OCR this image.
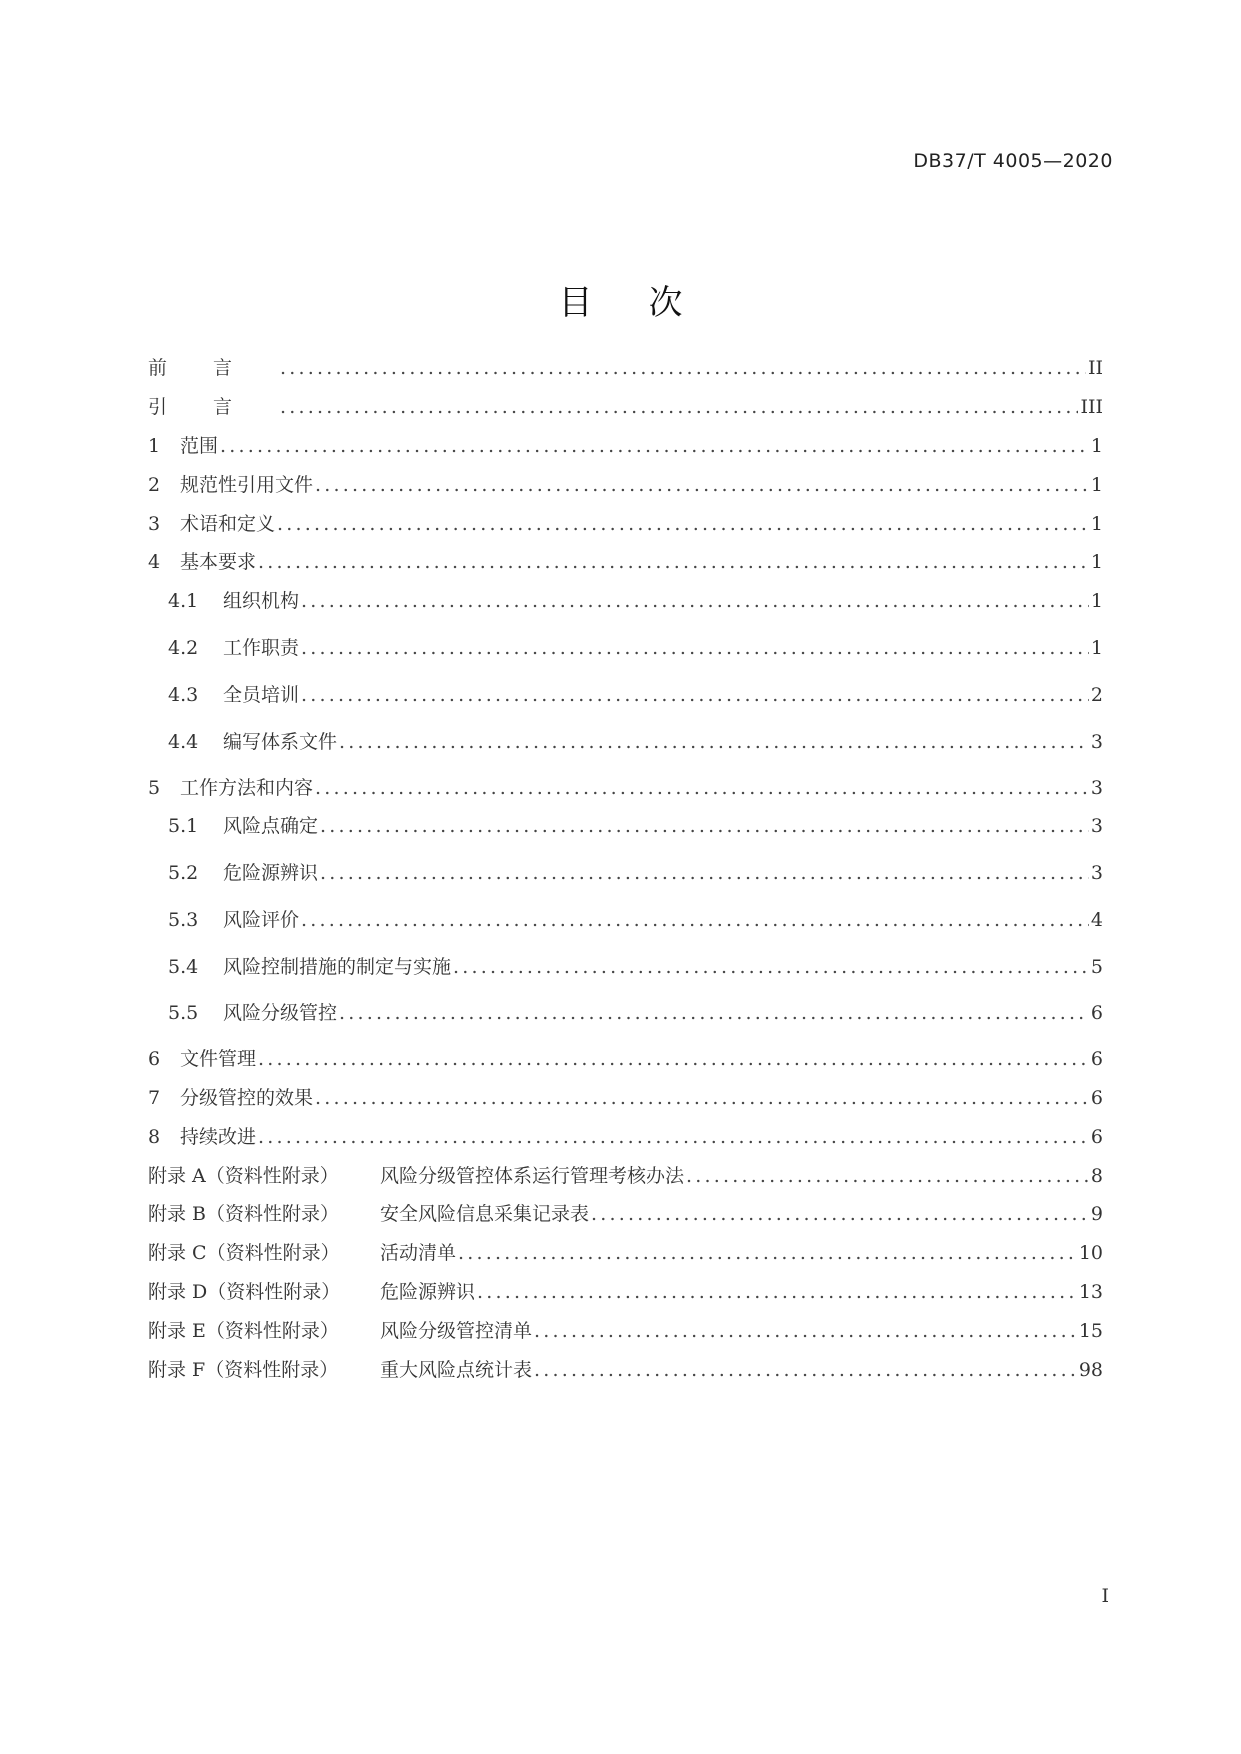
DB37/T 4005—2020
目 次
前言 .....	II
引言 .....	III
1	范围 .....	1
2	规范性引用文件 .....	1
3	术语和定义 .....	1
4	基本要求 .....	1
4.1	组织机构 .....	1
4.2	工作职责 .....	1
4.3	全员培训 .....	2
4.4	编写体系文件 .....	3
5	工作方法和内容 .....	3
5.1	风险点确定 .....	3
5.2	危险源辨识 .....	3
5.3	风险评价 .....	4
5.4	风险控制措施的制定与实施 .....	5
5.5	风险分级管控 .....	6
6	文件管理 .....	6
7	分级管控的效果 .....	6
8	持续改进 .....	6
附录 A（资料性附录）	风险分级管控体系运行管理考核办法 .....	8
附录 B（资料性附录）	安全风险信息采集记录表 .....	9
附录 C（资料性附录）	活动清单 .....	10
附录 D（资料性附录）	危险源辨识 .....	13
附录 E（资料性附录）	风险分级管控清单 .....	15
附录 F（资料性附录）	重大风险点统计表 .....	98
I
